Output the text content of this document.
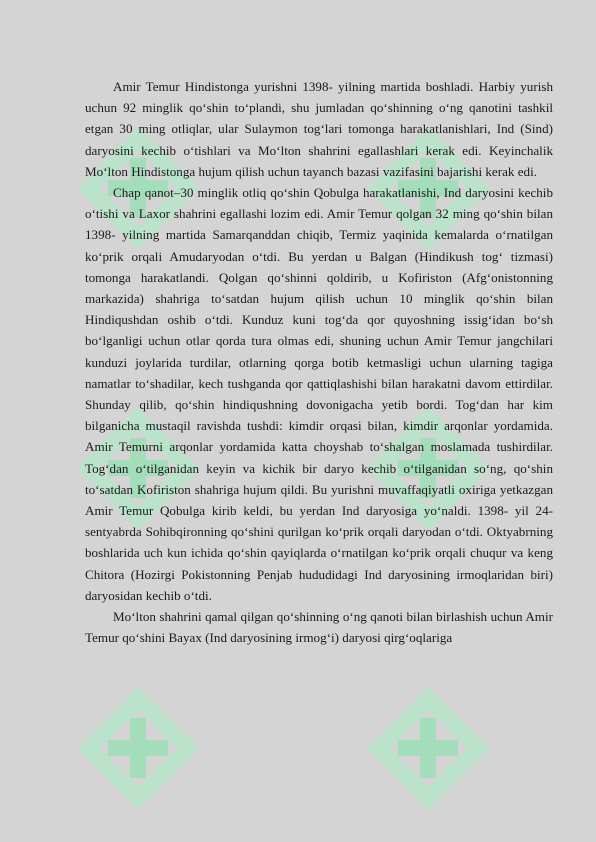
Amir Temur Hindistonga yurishni 1398- yilning martida boshladi. Harbiy yurish uchun 92 minglik qo‘shin to‘plandi, shu jumladan qo‘shinning o‘ng qanotini tashkil etgan 30 ming otliqlar, ular Sulaymon tog‘lari tomonga harakatlanishlari, Ind (Sind) daryosini kechib o‘tishlari va Mo‘lton shahrini egallashlari kerak edi. Keyinchalik Mo‘lton Hindistonga hujum qilish uchun tayanch bazasi vazifasini bajarishi kerak edi.

Chap qanot–30 minglik otliq qo‘shin Qobulga harakatlanishi, Ind daryosini kechib o‘tishi va Laxor shahrini egallashi lozim edi. Amir Temur qolgan 32 ming qo‘shin bilan 1398- yilning martida Samarqanddan chiqib, Termiz yaqinida kemalarda o‘rnatilgan ko‘prik orqali Amudaryodan o‘tdi. Bu yerdan u Balgan (Hindikush tog‘ tizmasi) tomonga harakatlandi. Qolgan qo‘shinni qoldirib, u Kofiriston (Afg‘onistonning markazida) shahriga to‘satdan hujum qilish uchun 10 minglik qo‘shin bilan Hindiqushdan oshib o‘tdi. Kunduz kuni tog‘da qor quyoshning issig‘idan bo‘sh bo‘lganligi uchun otlar qorda tura olmas edi, shuning uchun Amir Temur jangchilari kunduzi joylarida turdilar, otlarning qorga botib ketmasligi uchun ularning tagiga namatlar to‘shadilar, kech tushganda qor qattiqlashishi bilan harakatni davom ettirdilar. Shunday qilib, qo‘shin hindiqushning dovonigacha yetib bordi. Tog‘dan har kim bilganicha mustaqil ravishda tushdi: kimdir orqasi bilan, kimdir arqonlar yordamida. Amir Temurni arqonlar yordamida katta choyshab to‘shalgan moslamada tushirdilar. Tog‘dan o‘tilganidan keyin va kichik bir daryo kechib o‘tilganidan so‘ng, qo‘shin to‘satdan Kofiriston shahriga hujum qildi. Bu yurishni muvaffaqiyatli oxiriga yetkazgan Amir Temur Qobulga kirib keldi, bu yerdan Ind daryosiga yo‘naldi. 1398- yil 24-sentyabrda Sohibqironning qo‘shini qurilgan ko‘prik orqali daryodan o‘tdi. Oktyabrning boshlarida uch kun ichida qo‘shin qayiqlarda o‘rnatilgan ko‘prik orqali chuqur va keng Chitora (Hozirgi Pokistonning Penjab hududidagi Ind daryosining irmoqlaridan biri) daryosidan kechib o‘tdi.

Mo‘lton shahrini qamal qilgan qo‘shinning o‘ng qanoti bilan birlashish uchun Amir Temur qo‘shini Bayax (Ind daryosining irmog‘i) daryosi qirg‘oqlariga
